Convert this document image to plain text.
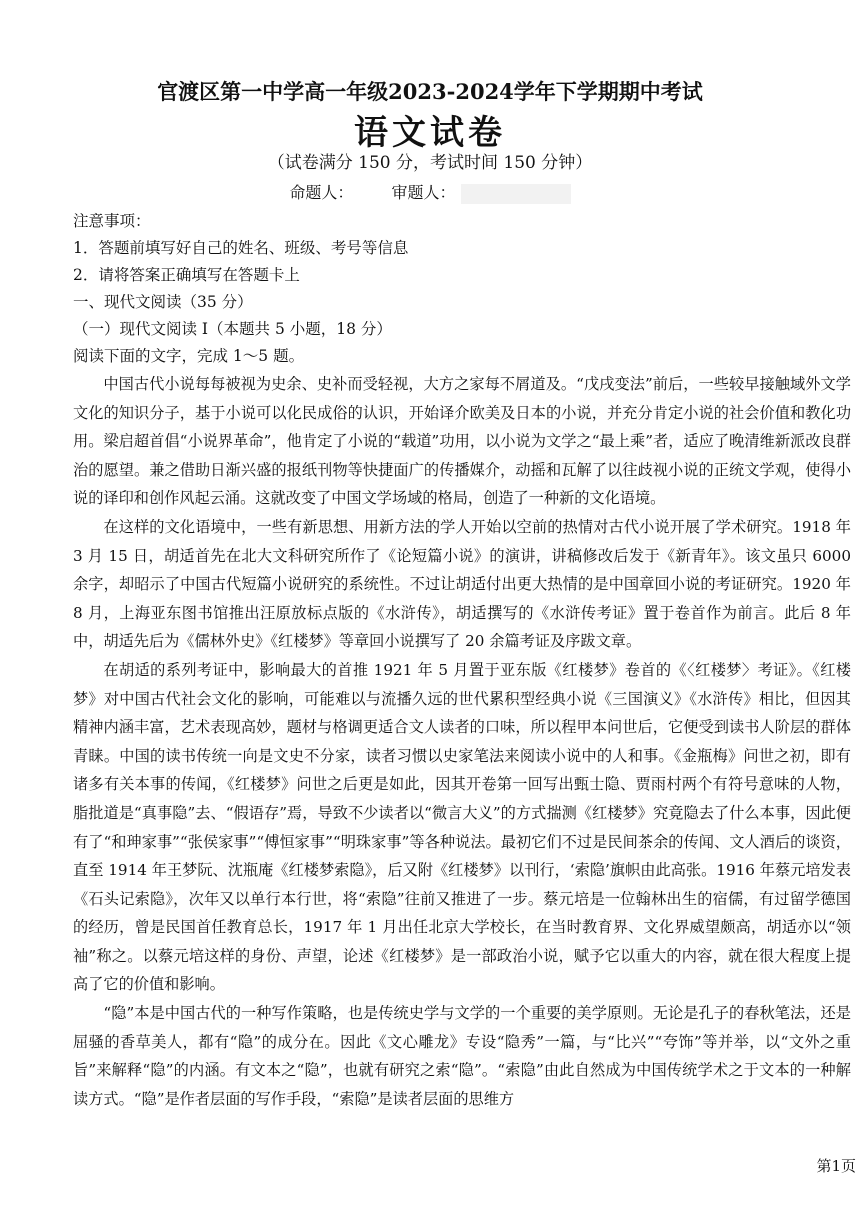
官渡区第一中学高一年级2023-2024学年下学期期中考试
语文试卷
（试卷满分 150 分，考试时间 150 分钟）
命题人： 审题人：
注意事项：
1．答题前填写好自己的姓名、班级、考号等信息
2．请将答案正确填写在答题卡上
一、现代文阅读（35 分）
（一）现代文阅读 I（本题共 5 小题，18 分）
阅读下面的文字，完成 1～5 题。

中国古代小说每每被视为史余、史补而受轻视，大方之家每不屑道及。“戊戌变法”前后，一些较早接触域外文学文化的知识分子，基于小说可以化民成俗的认识，开始译介欧美及日本的小说，并充分肯定小说的社会价值和教化功用。梁启超首倡“小说界革命”，他肯定了小说的“载道”功用，以小说为文学之“最上乘”者，适应了晚清维新派改良群治的愿望。兼之借助日渐兴盛的报纸刊物等快捷面广的传播媒介，动摇和瓦解了以往歧视小说的正统文学观，使得小说的译印和创作风起云涌。这就改变了中国文学场域的格局，创造了一种新的文化语境。

在这样的文化语境中，一些有新思想、用新方法的学人开始以空前的热情对古代小说开展了学术研究。1918 年 3 月 15 日，胡适首先在北大文科研究所作了《论短篇小说》的演讲，讲稿修改后发于《新青年》。该文虽只 6000 余字，却昭示了中国古代短篇小说研究的系统性。不过让胡适付出更大热情的是中国章回小说的考证研究。1920 年 8 月，上海亚东图书馆推出汪原放标点版的《水浒传》，胡适撰写的《水浒传考证》置于卷首作为前言。此后 8 年中，胡适先后为《儒林外史》《红楼梦》等章回小说撰写了 20 余篇考证及序跋文章。

在胡适的系列考证中，影响最大的首推 1921 年 5 月置于亚东版《红楼梦》卷首的《〈红楼梦〉考证》。《红楼梦》对中国古代社会文化的影响，可能难以与流播久远的世代累积型经典小说《三国演义》《水浒传》相比，但因其精神内涵丰富，艺术表现高妙，题材与格调更适合文人读者的口味，所以程甲本问世后，它便受到读书人阶层的群体青睐。中国的读书传统一向是文史不分家，读者习惯以史家笔法来阅读小说中的人和事。《金瓶梅》问世之初，即有诸多有关本事的传闻，《红楼梦》问世之后更是如此，因其开卷第一回写出甄士隐、贾雨村两个有符号意味的人物，脂批道是“真事隐”去、“假语存”焉，导致不少读者以“微言大义”的方式揣测《红楼梦》究竟隐去了什么本事，因此便有了“和珅家事”“张侯家事”“傅恒家事”“明珠家事”等各种说法。最初它们不过是民间茶余的传闻、文人酒后的谈资，直至 1914 年王梦阮、沈瓶庵《红楼梦索隐》，后又附《红楼梦》以刊行，‘索隐’旗帜由此高张。1916 年蔡元培发表《石头记索隐》，次年又以单行本行世，将“索隐”往前又推进了一步。蔡元培是一位翰林出生的宿儒，有过留学德国的经历，曾是民国首任教育总长，1917 年 1 月出任北京大学校长，在当时教育界、文化界威望颇高，胡适亦以“领袖”称之。以蔡元培这样的身份、声望，论述《红楼梦》是一部政治小说，赋予它以重大的内容，就在很大程度上提高了它的价值和影响。

“隐”本是中国古代的一种写作策略，也是传统史学与文学的一个重要的美学原则。无论是孔子的春秋笔法，还是屈骚的香草美人，都有“隐”的成分在。因此《文心雕龙》专设“隐秀”一篇，与“比兴”“夸饰”等并举，以“文外之重旨”来解释“隐”的内涵。有文本之“隐”，也就有研究之索“隐”。“索隐”由此自然成为中国传统学术之于文本的一种解读方式。“隐”是作者层面的写作手段，“索隐”是读者层面的思维方

第1页
